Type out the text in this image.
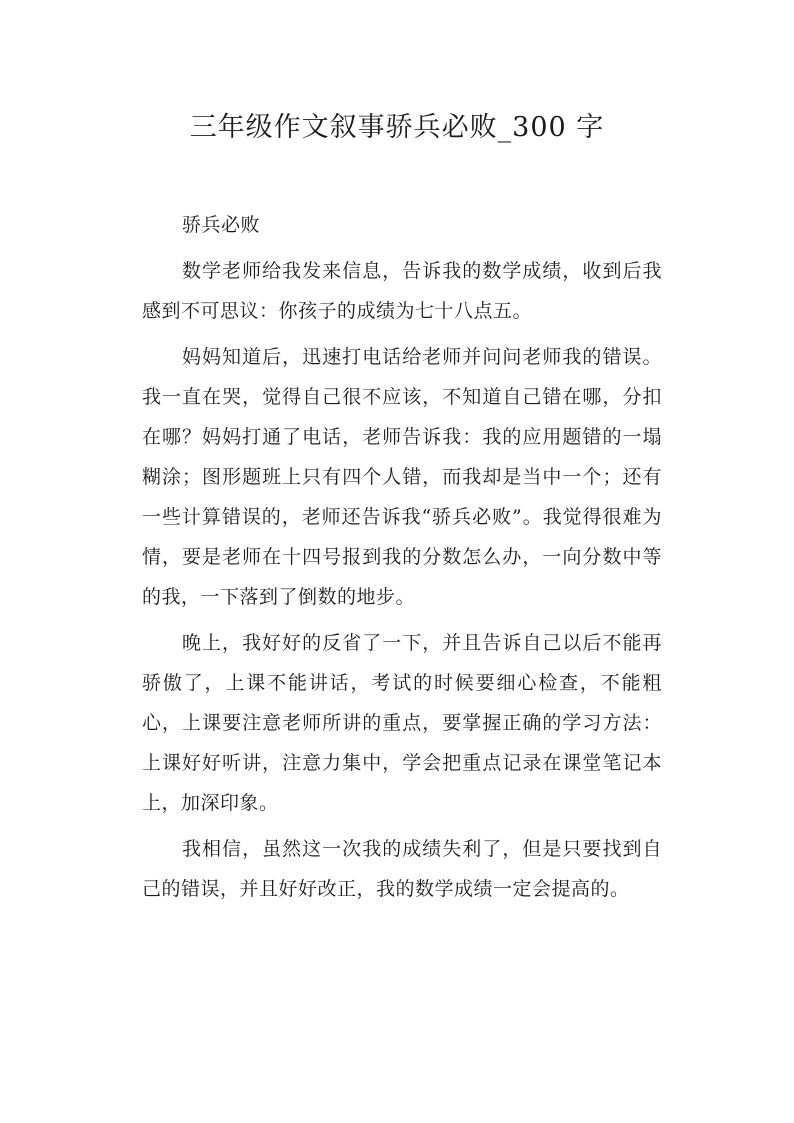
三年级作文叙事骄兵必败_300 字

骄兵必败

数学老师给我发来信息，告诉我的数学成绩，收到后我感到不可思议：你孩子的成绩为七十八点五。

妈妈知道后，迅速打电话给老师并问问老师我的错误。我一直在哭，觉得自己很不应该，不知道自己错在哪，分扣在哪？妈妈打通了电话，老师告诉我：我的应用题错的一塌糊涂；图形题班上只有四个人错，而我却是当中一个；还有一些计算错误的，老师还告诉我“骄兵必败”。我觉得很难为情，要是老师在十四号报到我的分数怎么办，一向分数中等的我，一下落到了倒数的地步。

晚上，我好好的反省了一下，并且告诉自己以后不能再骄傲了，上课不能讲话，考试的时候要细心检查，不能粗心，上课要注意老师所讲的重点，要掌握正确的学习方法：上课好好听讲，注意力集中，学会把重点记录在课堂笔记本上，加深印象。

我相信，虽然这一次我的成绩失利了，但是只要找到自己的错误，并且好好改正，我的数学成绩一定会提高的。
